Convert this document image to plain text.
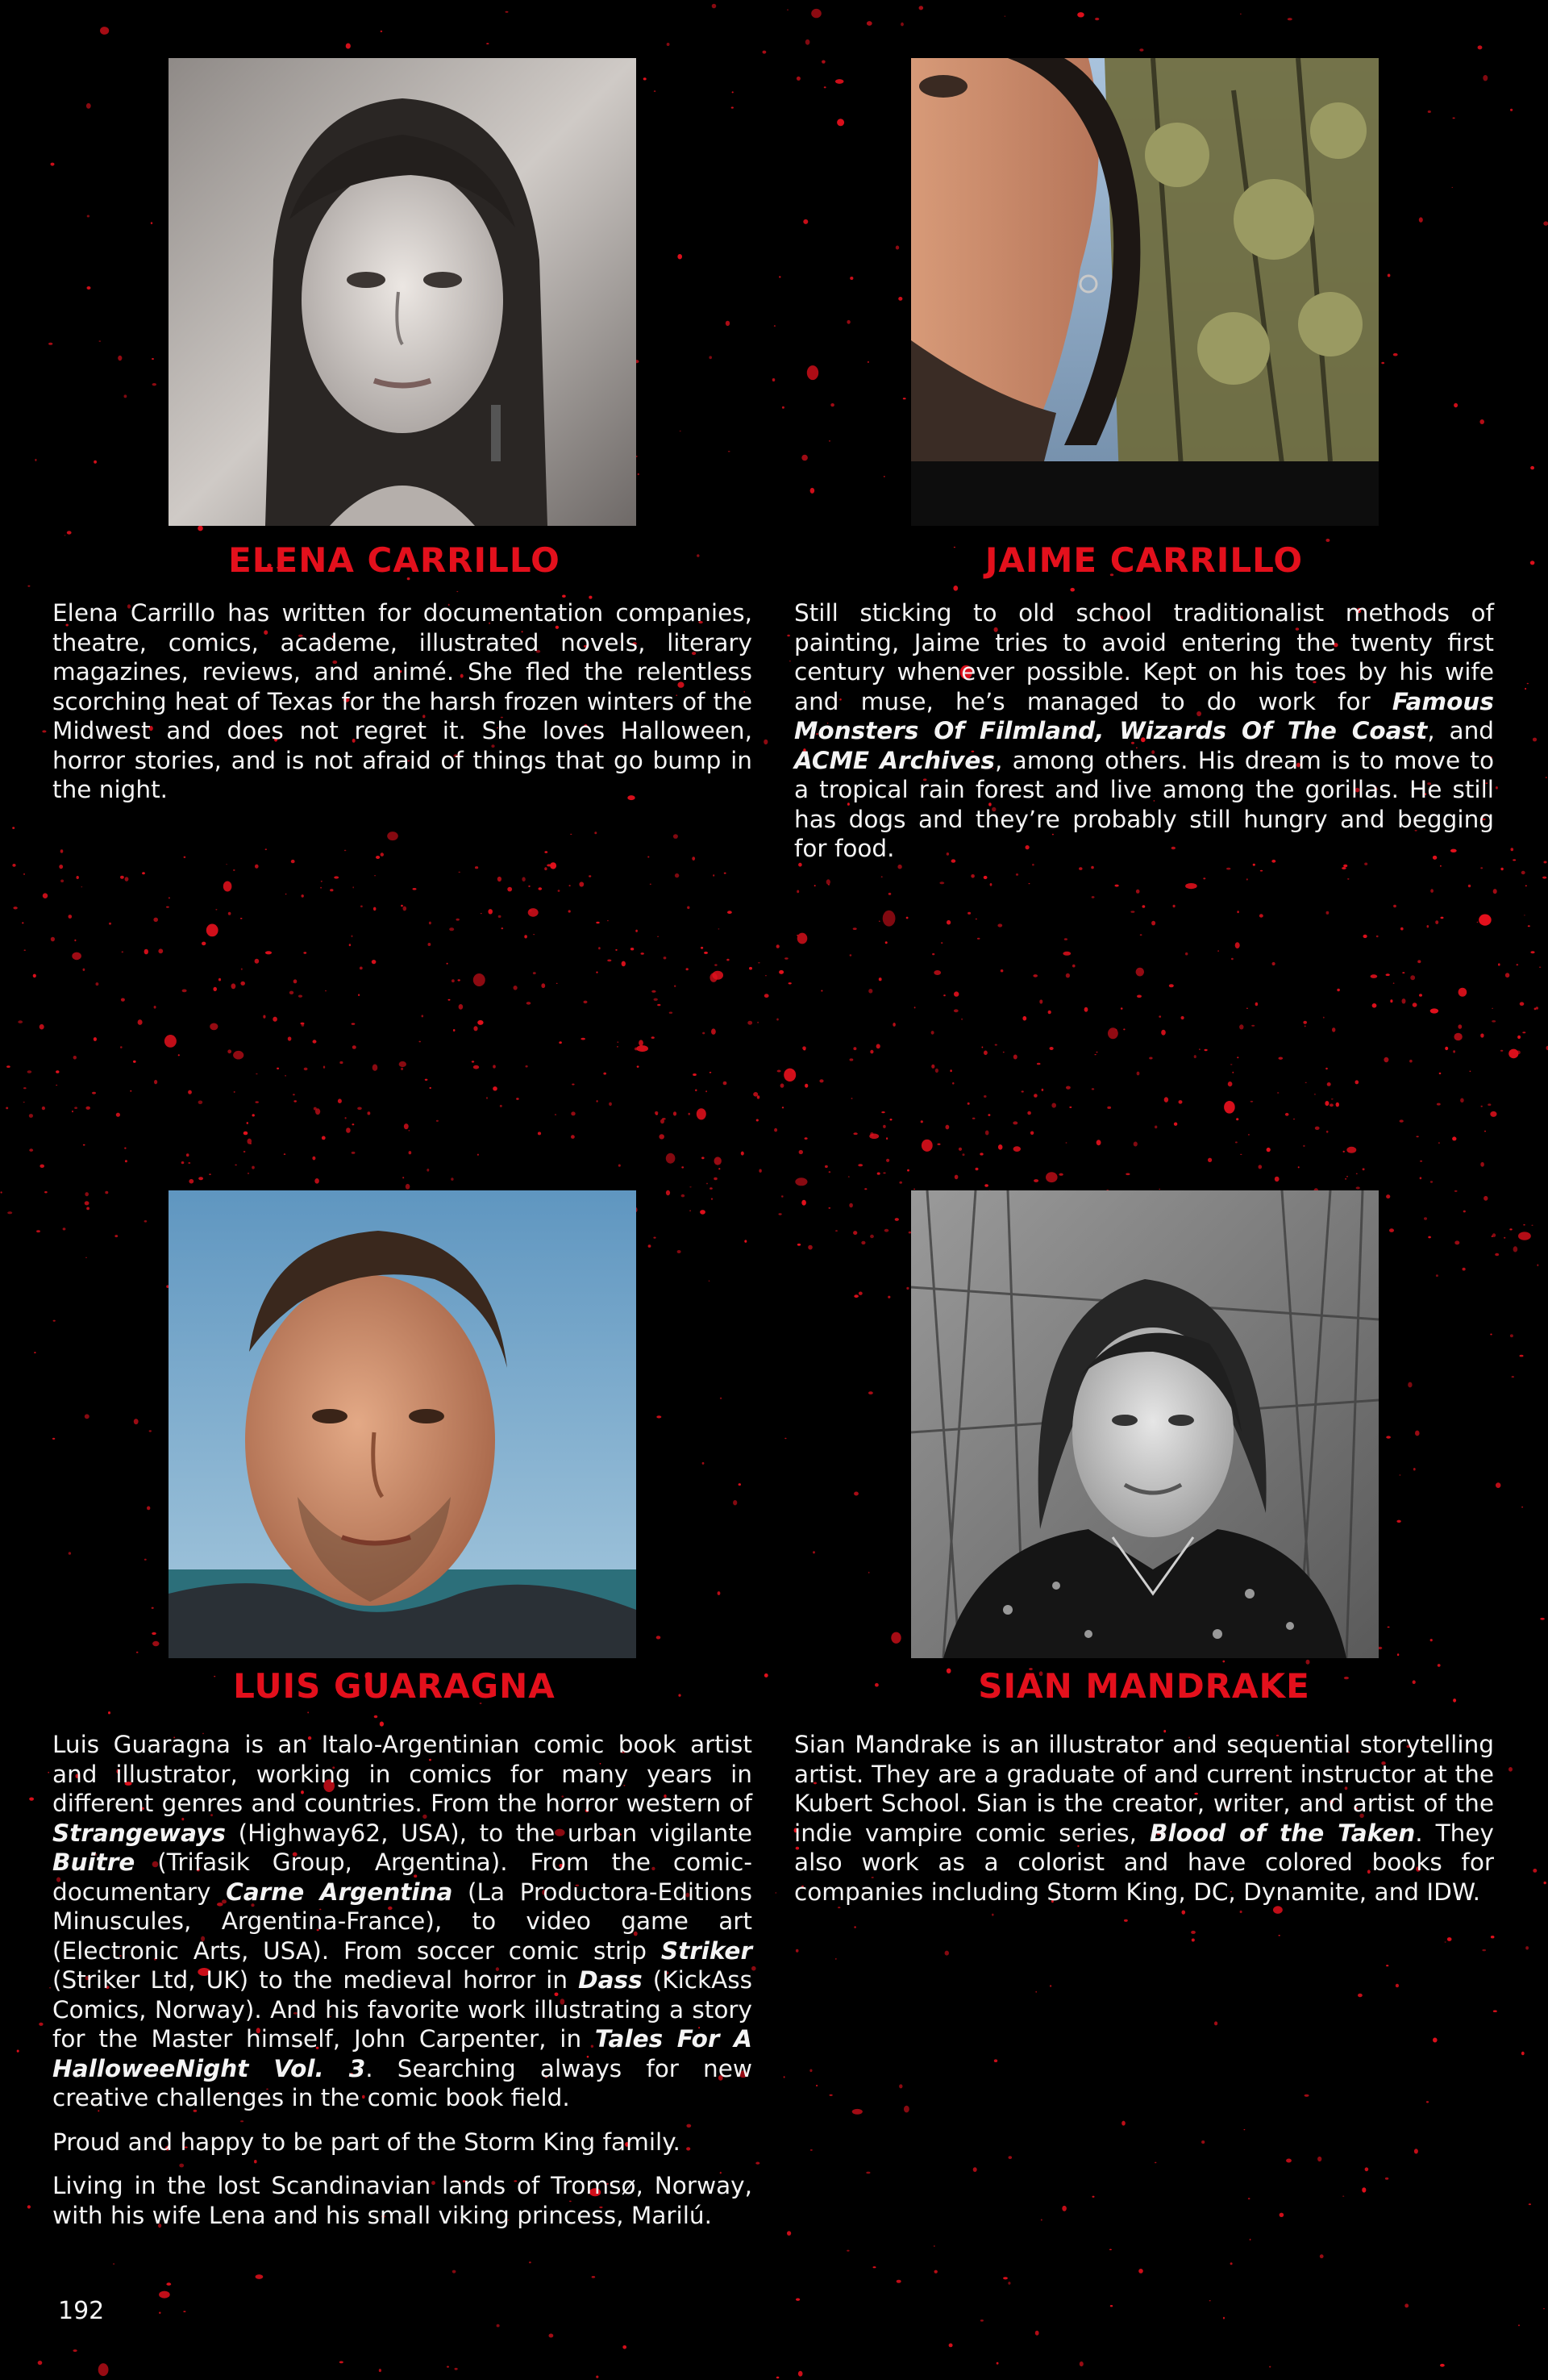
ELENA CARRILLO

Elena Carrillo has written for documentation companies, theatre, comics, academe, illustrated novels, literary magazines, reviews, and animé. She fled the relentless scorching heat of Texas for the harsh frozen winters of the Midwest and does not regret it. She loves Halloween, horror stories, and is not afraid of things that go bump in the night.

JAIME CARRILLO

Still sticking to old school traditionalist methods of painting, Jaime tries to avoid entering the twenty first century whenever possible. Kept on his toes by his wife and muse, he’s managed to do work for Famous Monsters Of Filmland, Wizards Of The Coast, and ACME Archives, among others. His dream is to move to a tropical rain forest and live among the gorillas. He still has dogs and they’re probably still hungry and begging for food.

LUIS GUARAGNA

Luis Guaragna is an Italo-Argentinian comic book artist and illustrator, working in comics for many years in different genres and countries. From the horror western of Strangeways (Highway62, USA), to the urban vigilante Buitre (Trifasik Group, Argentina). From the comic-documentary Carne Argentina (La Productora-Editions Minuscules, Argentina-France), to video game art (Electronic Arts, USA). From soccer comic strip Striker (Striker Ltd, UK) to the medieval horror in Dass (KickAss Comics, Norway). And his favorite work illustrating a story for the Master himself, John Carpenter, in Tales For A HalloweeNight Vol. 3. Searching always for new creative challenges in the comic book field.

Proud and happy to be part of the Storm King family.

Living in the lost Scandinavian lands of Tromsø, Norway, with his wife Lena and his small viking princess, Marilú.

SIAN MANDRAKE

Sian Mandrake is an illustrator and sequential storytelling artist. They are a graduate of and current instructor at the Kubert School. Sian is the creator, writer, and artist of the indie vampire comic series, Blood of the Taken. They also work as a colorist and have colored books for companies including Storm King, DC, Dynamite, and IDW.

192
